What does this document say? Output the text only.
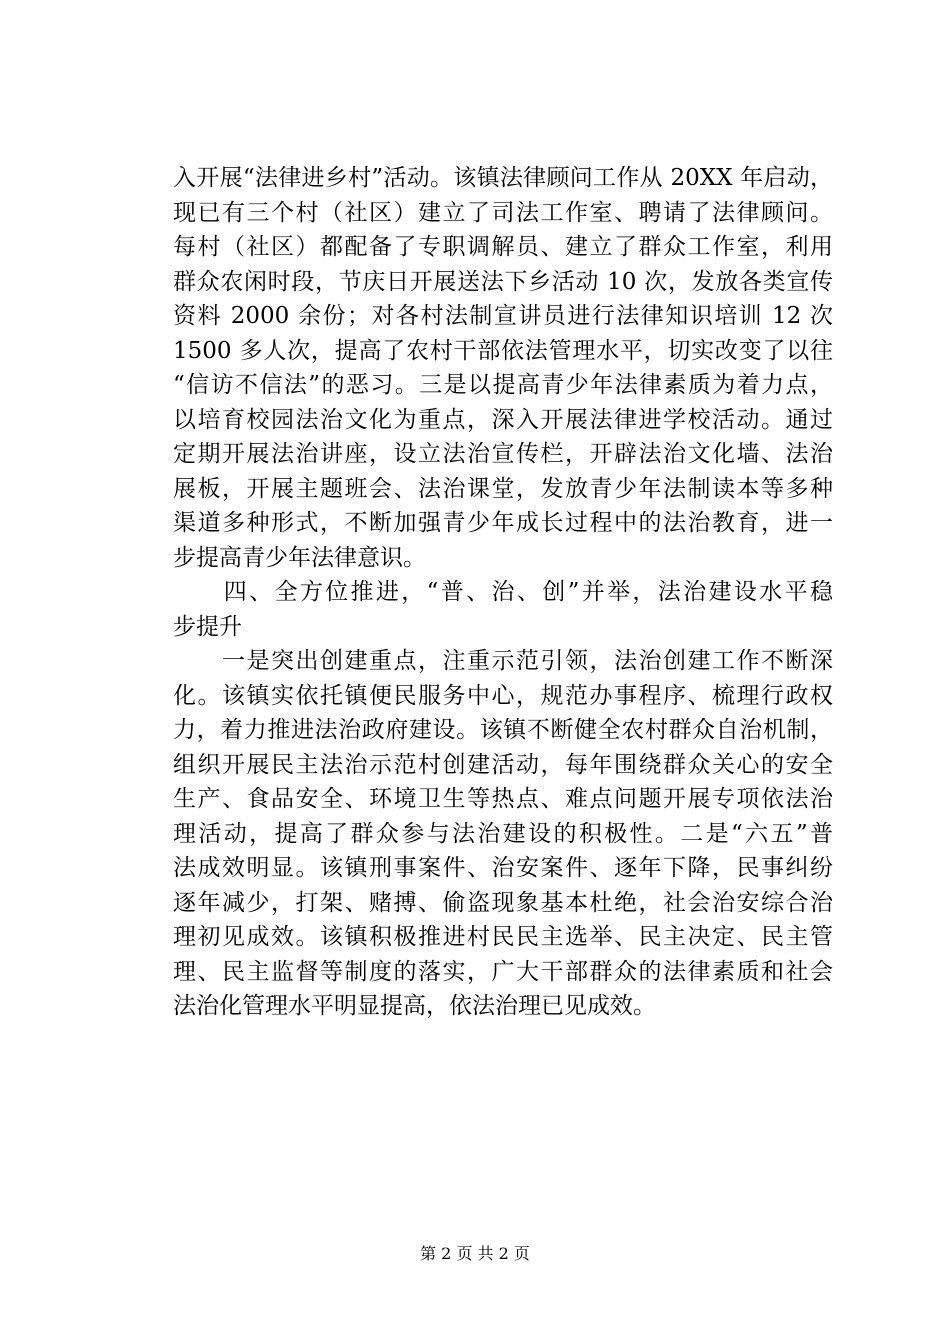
入开展“法律进乡村”活动。该镇法律顾问工作从 20XX 年启动，
现已有三个村（社区）建立了司法工作室、聘请了法律顾问。
每村（社区）都配备了专职调解员、建立了群众工作室，利用
群众农闲时段，节庆日开展送法下乡活动 10 次，发放各类宣传
资料 2000 余份；对各村法制宣讲员进行法律知识培训 12 次
1500 多人次，提高了农村干部依法管理水平，切实改变了以往
“信访不信法”的恶习。三是以提高青少年法律素质为着力点，
以培育校园法治文化为重点，深入开展法律进学校活动。通过
定期开展法治讲座，设立法治宣传栏，开辟法治文化墙、法治
展板，开展主题班会、法治课堂，发放青少年法制读本等多种
渠道多种形式，不断加强青少年成长过程中的法治教育，进一
步提高青少年法律意识。
　　四、全方位推进，“普、治、创”并举，法治建设水平稳
步提升
　　一是突出创建重点，注重示范引领，法治创建工作不断深
化。该镇实依托镇便民服务中心，规范办事程序、梳理行政权
力，着力推进法治政府建设。该镇不断健全农村群众自治机制，
组织开展民主法治示范村创建活动，每年围绕群众关心的安全
生产、食品安全、环境卫生等热点、难点问题开展专项依法治
理活动，提高了群众参与法治建设的积极性。二是“六五”普
法成效明显。该镇刑事案件、治安案件、逐年下降，民事纠纷
逐年减少，打架、赌搏、偷盗现象基本杜绝，社会治安综合治
理初见成效。该镇积极推进村民民主选举、民主决定、民主管
理、民主监督等制度的落实，广大干部群众的法律素质和社会
法治化管理水平明显提高，依法治理已见成效。
第 2 页 共 2 页
